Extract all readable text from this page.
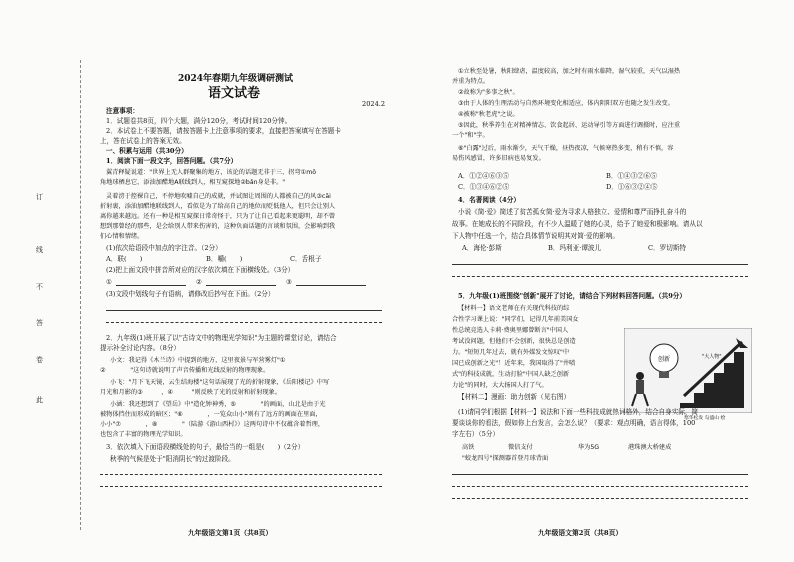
订
线
不
答
卷
此
2024年春期九年级调研测试
语文试卷
2024.2
注意事项：
1．试题卷共8页，四个大题，满分120分，考试时间120分钟。
2．本试卷上不要答题，请按答题卡上注意事项的要求，直接把答案填写在答题卡
上，答在试卷上的答案无效。
一、积累与运用（共30分）
1．阅读下面一段文字，回答问题。（共7分）
翼青释疑说道："世界上无人群聚集的地方，该论的话题无非于三、拐弯①mǒ
角地球栖息它，添油加醋地A联线到人，相互窥探地②bǎn身是非。"
灵着滂于控裸自己，不停地吹嘘自己的成就，并试图让周围的人都被自己的风③cāi
折射裹，添油加醋地联线到人，看似是为了给高自己的地位而贬低他人，但只会让别人
离你越来越远。还有一种是相互窥探日常奇怪于，只为了让自己看起来更聪明，却不曾
想到那曾经的那些，是会给别人带来伤害的，这种负面话题的言谈和氛围，会影响到我
们心情和情绪。
(1)依次给语段中加点的字注音。（2分）
A．联(　　)	B．嚼(　　)	C．舌根子
(2)把上面文段中拼音所对应的汉字依次填在下面横线处。（3分）
①	②	③
(3)文段中划线句子有语病，请修改后抄写在下面。（2分）
2．九年级(1)班开展了以"古诗文中的物理光学知识"为主题的课堂讨论，请结合
提示补全讨论内容。（8分）
小文：我记得《木兰诗》中提到的地方，这里夜景与军营雾灯"①
②　　　　"这句诗就说明了声音传播和光线反射的物理现象。
小飞："月下飞天镜，云生结海楼"这句话展现了光的折射现象，《岳阳楼记》中写
月光和月影的③　　　，④　　　"则反映了光的反射和折射现象。
小涵：我还想到了《望岳》中"造化钟神秀，⑤　　　　"的画面，山北是由于光
被物体挡住而形成的暗区；"⑥　　　　，一览众山小"则有了远方的画面在里面，
小小"⑦　　　　，⑧　　　　"（陆游《游山西村》）这两句诗中不仅蕴含着哲理，
也包含了丰富的物理光学知识。
3．依次填入下面语段横线处的句子，最恰当的一组是(　　)（2分）
秋季的气候是处于"阳消阴长"的过渡阶段。
九年级语文第1页（共8页）
①立秋至处暑，秋阳肆虐，温度较高，加之时有雨水临降，湿气较重，天气以湿热
并重为特点。
②故称为"多事之秋"。
③由于人体的生理活动与自然环境变化相适应，体内阴阳双方也随之发生改变。
④被称"秋老虎"之说。
⑤因此，秋季养生在对精神情志、饮食起居、运动导引等方面进行调摄时，应注重
一个"和"字。
⑥"白露"过后，雨水渐少，天气干燥，昼热夜凉，气候寒热多变，稍有不慎，容
易伤风感冒，许多旧病也易复发。
A．①②④⑥③⑤	B．①④③②⑥⑤
C．①③④⑥②⑤	D．①⑥③②④⑤
4．名著阅读（4分）
小说《简·爱》简述了贫苦孤女简·爱为寻求人格独立、爱情和尊严而挣扎奋斗的
故事。在她成长的不同阶段，有不少人温暖了她的心灵，给予了她爱和极影响。请从以
下人物中任选一个，结合具体情节说明其对简·爱的影响。
A．海伦·彭斯	B．玛利亚·谭波儿	C．罗切斯特
5．九年级(1)班围绕"创新"展开了讨论，请结合下列材料回答问题。（共9分）
【材料一】语文老师在有关现代科技的综
合性学习课上说："同学们，记得几年前美国女
性总统竞选人卡莉·费奥里娜曾断言"中国人
考试没问题，但他们不会创新，很快总是创造
力。"短短几年过去，就有外媒发文惊叹"中
国已成创新之光"！近年来，我国取得了"井喷
式"的科技成就，生动打脸"中国人缺乏创新
力论"的同时，大大扬国人打了气。
【材料二】漫画：助力创新（见右图）
创新	"大人物"
寒华松发 勾盛山 绘
(1)请同学们根据【材料一】说法和下面一些科技成就热词格外，结合自身实际，简
要谈谈你的看法，假如你上台发言，会怎么说？（要求：观点明确，语言得体，100
字左右）（5分）
高铁	微信支付	华为5G	港珠澳大桥建成
"蛟龙四号"探测器首登月球背面
九年级语文第2页（共8页）
